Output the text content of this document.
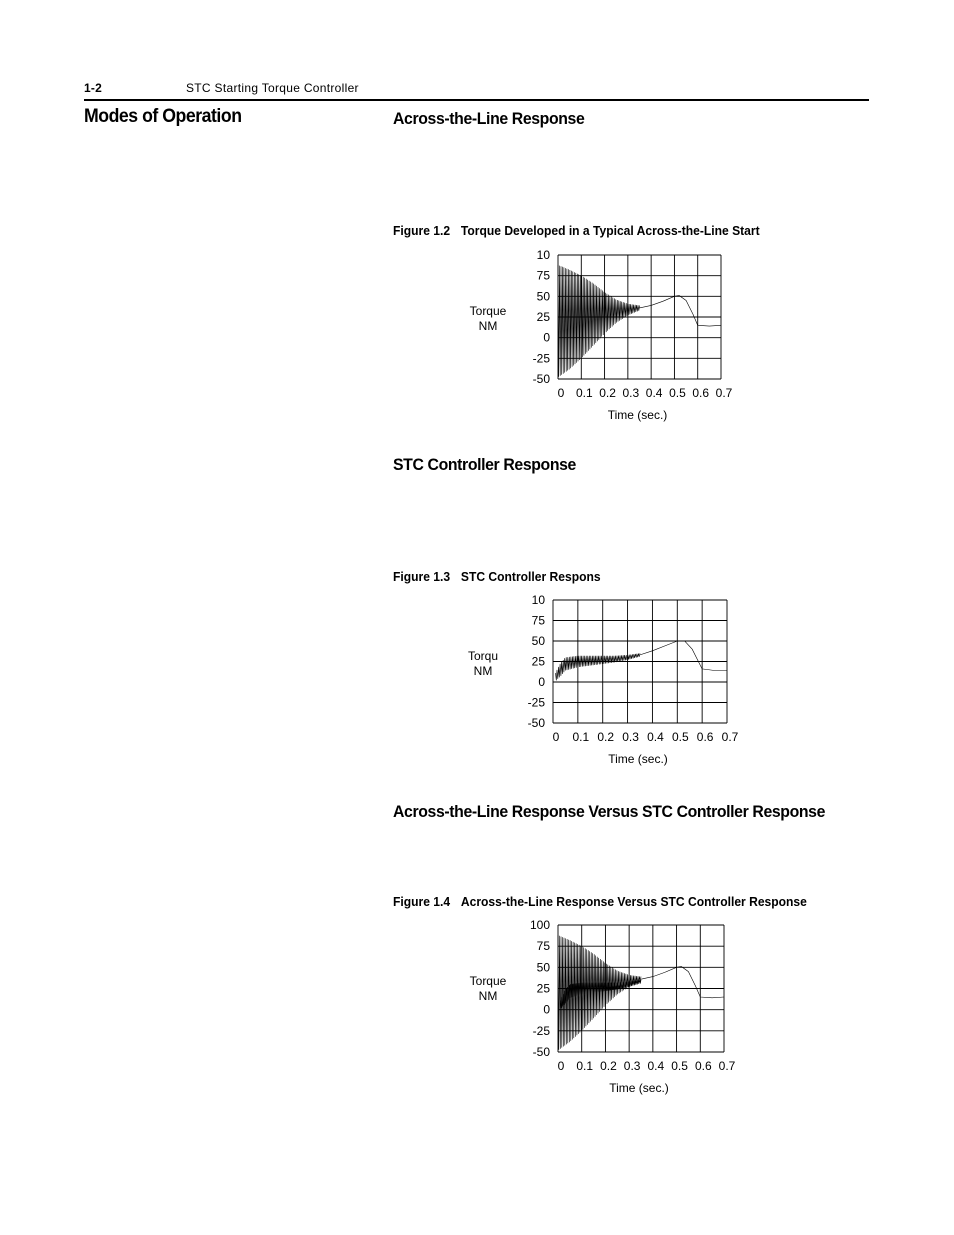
1-2	STC Starting Torque Controller
Modes of Operation	Across-the-Line Response
Figure 1.2 Torque Developed in a Typical Across-the-Line Start
10
75
50
25
0
-25
-50
0 0.1 0.2 0.3 0.4 0.5 0.6 0.7
Time (sec.)
Torque
NM
STC Controller Response
Figure 1.3 STC Controller Respons
10
75
50
25
0
-25
-50
0 0.1 0.2 0.3 0.4 0.5 0.6 0.7
Time (sec.)
Torqu
NM
Across-the-Line Response Versus STC Controller Response
Figure 1.4 Across-the-Line Response Versus STC Controller Response
100
75
50
25
0
-25
-50
0 0.1 0.2 0.3 0.4 0.5 0.6 0.7
Time (sec.)
Torque
NM
